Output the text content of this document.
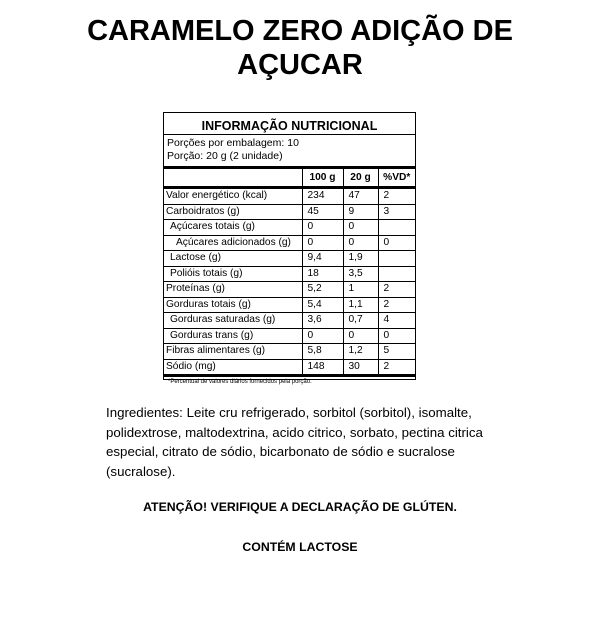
CARAMELO ZERO ADIÇÃO DE
AÇUCAR
INFORMAÇÃO NUTRICIONAL
Porções por embalagem: 10
Porção: 20 g (2 unidade)
	100 g	20 g	%VD*
Valor energético (kcal)	234	47	2
Carboidratos (g)	45	9	3
Açúcares totais (g)	0	0	
Açúcares adicionados (g)	0	0	0
Lactose (g)	9,4	1,9	
Polióis totais (g)	18	3,5	
Proteínas (g)	5,2	1	2
Gorduras totais (g)	5,4	1,1	2
Gorduras saturadas (g)	3,6	0,7	4
Gorduras trans (g)	0	0	0
Fibras alimentares (g)	5,8	1,2	5
Sódio (mg)	148	30	2
*Percentual de valores diários fornecidos pela porção.

Ingredientes: Leite cru refrigerado, sorbitol (sorbitol), isomalte, polidextrose, maltodextrina, acido citrico, sorbato, pectina citrica especial, citrato de sódio, bicarbonato de sódio e sucralose (sucralose).

ATENÇÃO! VERIFIQUE A DECLARAÇÃO DE GLÚTEN.

CONTÉM LACTOSE
